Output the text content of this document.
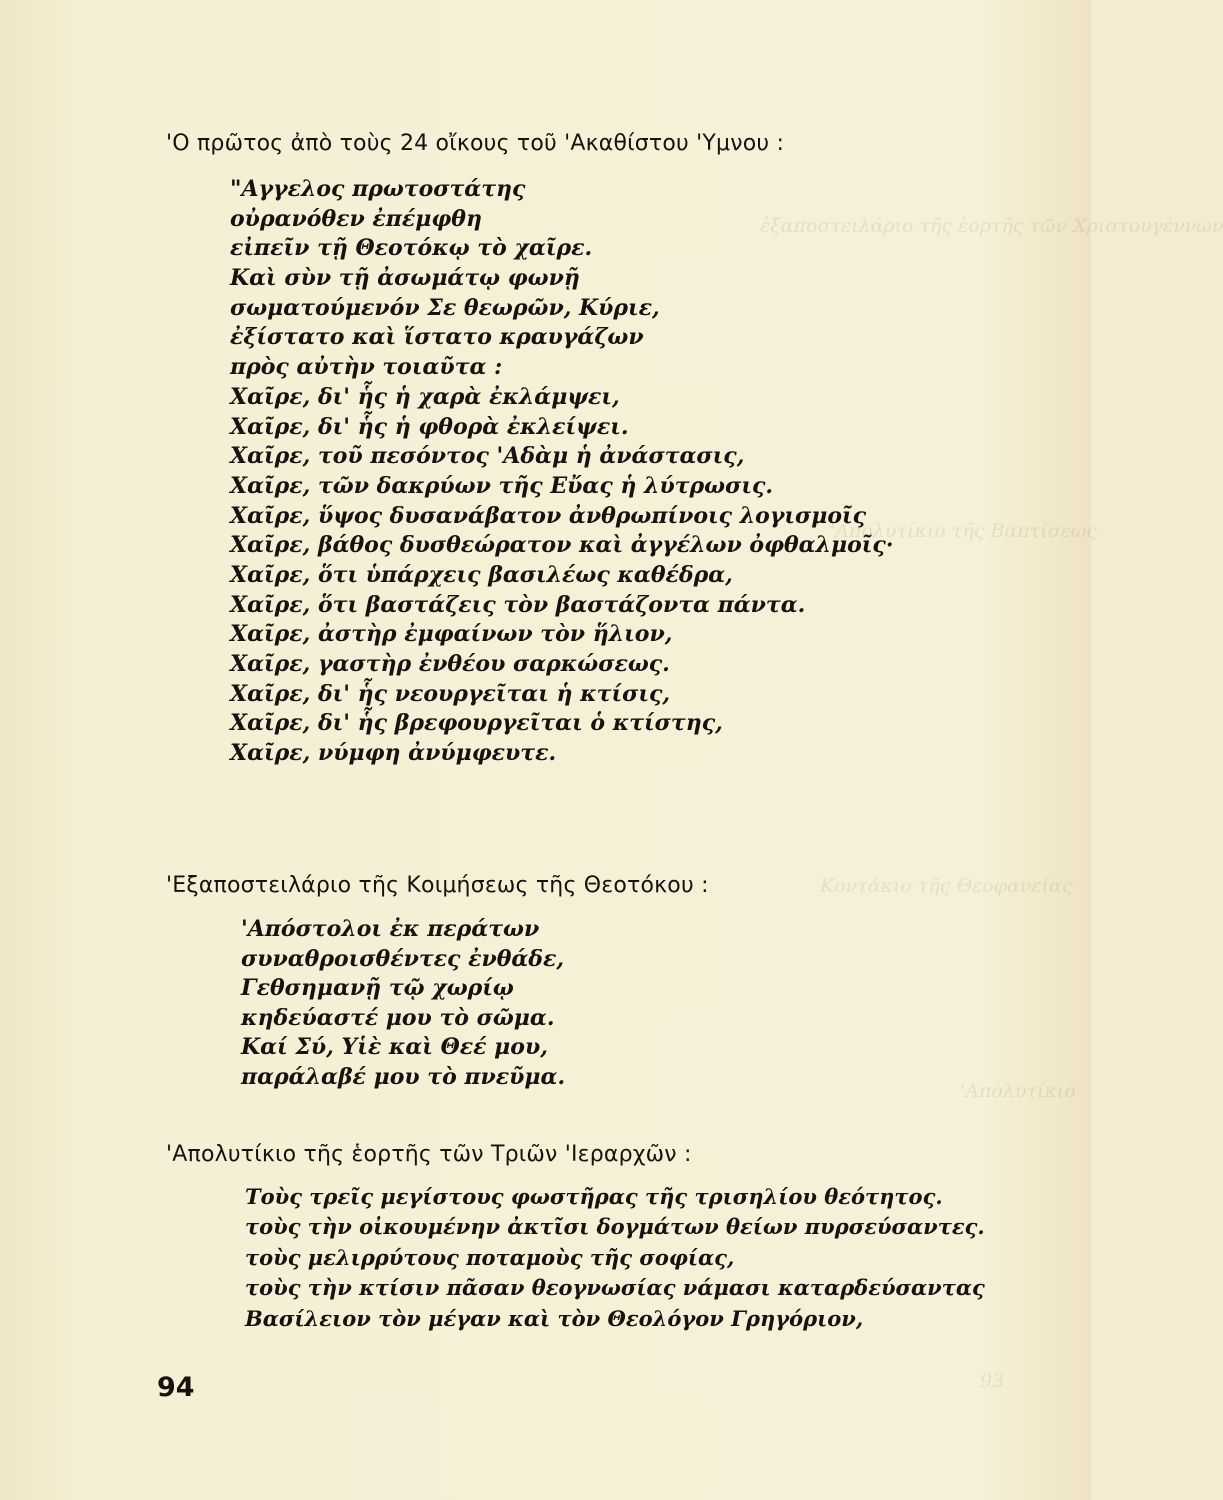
ἐξαποστειλάριο τῆς ἑορτῆς τῶν Χριστουγέννων
'Απολυτίκιο τῆς Βαπτίσεως
Κοντάκιο τῆς Θεοφανείας
'Απολυτίκιο
93
'Ο πρῶτος ἀπὸ τοὺς 24 οἴκους τοῦ 'Ακαθίστου 'Υμνου :
"Αγγελος πρωτοστάτης
οὐρανόθεν ἐπέμφθη
εἰπεῖν τῇ Θεοτόκῳ τὸ χαῖρε.
Καὶ σὺν τῇ ἀσωμάτῳ φωνῇ
σωματούμενόν Σε θεωρῶν, Κύριε,
ἐξίστατο καὶ ἵστατο κραυγάζων
πρὸς αὐτὴν τοιαῦτα :
Χαῖρε, δι' ἧς ἡ χαρὰ ἐκλάμψει,
Χαῖρε, δι' ἧς ἡ φθορὰ ἐκλείψει.
Χαῖρε, τοῦ πεσόντος 'Αδὰμ ἡ ἀνάστασις,
Χαῖρε, τῶν δακρύων τῆς Εὔας ἡ λύτρωσις.
Χαῖρε, ὕψος δυσανάβατον ἀνθρωπίνοις λογισμοῖς
Χαῖρε, βάθος δυσθεώρατον καὶ ἀγγέλων ὀφθαλμοῖς·
Χαῖρε, ὅτι ὑπάρχεις βασιλέως καθέδρα,
Χαῖρε, ὅτι βαστάζεις τὸν βαστάζοντα πάντα.
Χαῖρε, ἀστὴρ ἐμφαίνων τὸν ἥλιον,
Χαῖρε, γαστὴρ ἐνθέου σαρκώσεως.
Χαῖρε, δι' ἧς νεουργεῖται ἡ κτίσις,
Χαῖρε, δι' ἧς βρεφουργεῖται ὁ κτίστης,
Χαῖρε, νύμφη ἀνύμφευτε.
'Εξαποστειλάριο τῆς Κοιμήσεως τῆς Θεοτόκου :
'Απόστολοι ἐκ περάτων
συναθροισθέντες ἐνθάδε,
Γεθσημανῇ τῷ χωρίῳ
κηδεύαστέ μου τὸ σῶμα.
Καί Σύ, Υἱὲ καὶ Θεέ μου,
παράλαβέ μου τὸ πνεῦμα.
'Απολυτίκιο τῆς ἑορτῆς τῶν Τριῶν 'Ιεραρχῶν :
Τοὺς τρεῖς μεγίστους φωστῆρας τῆς τρισηλίου θεότητος.
τοὺς τὴν οἰκουμένην ἀκτῖσι δογμάτων θείων πυρσεύσαντες.
τοὺς μελιρρύτους ποταμοὺς τῆς σοφίας,
τοὺς τὴν κτίσιν πᾶσαν θεογνωσίας νάμασι καταρδεύσαντας
Βασίλειον τὸν μέγαν καὶ τὸν Θεολόγον Γρηγόριον,
94
